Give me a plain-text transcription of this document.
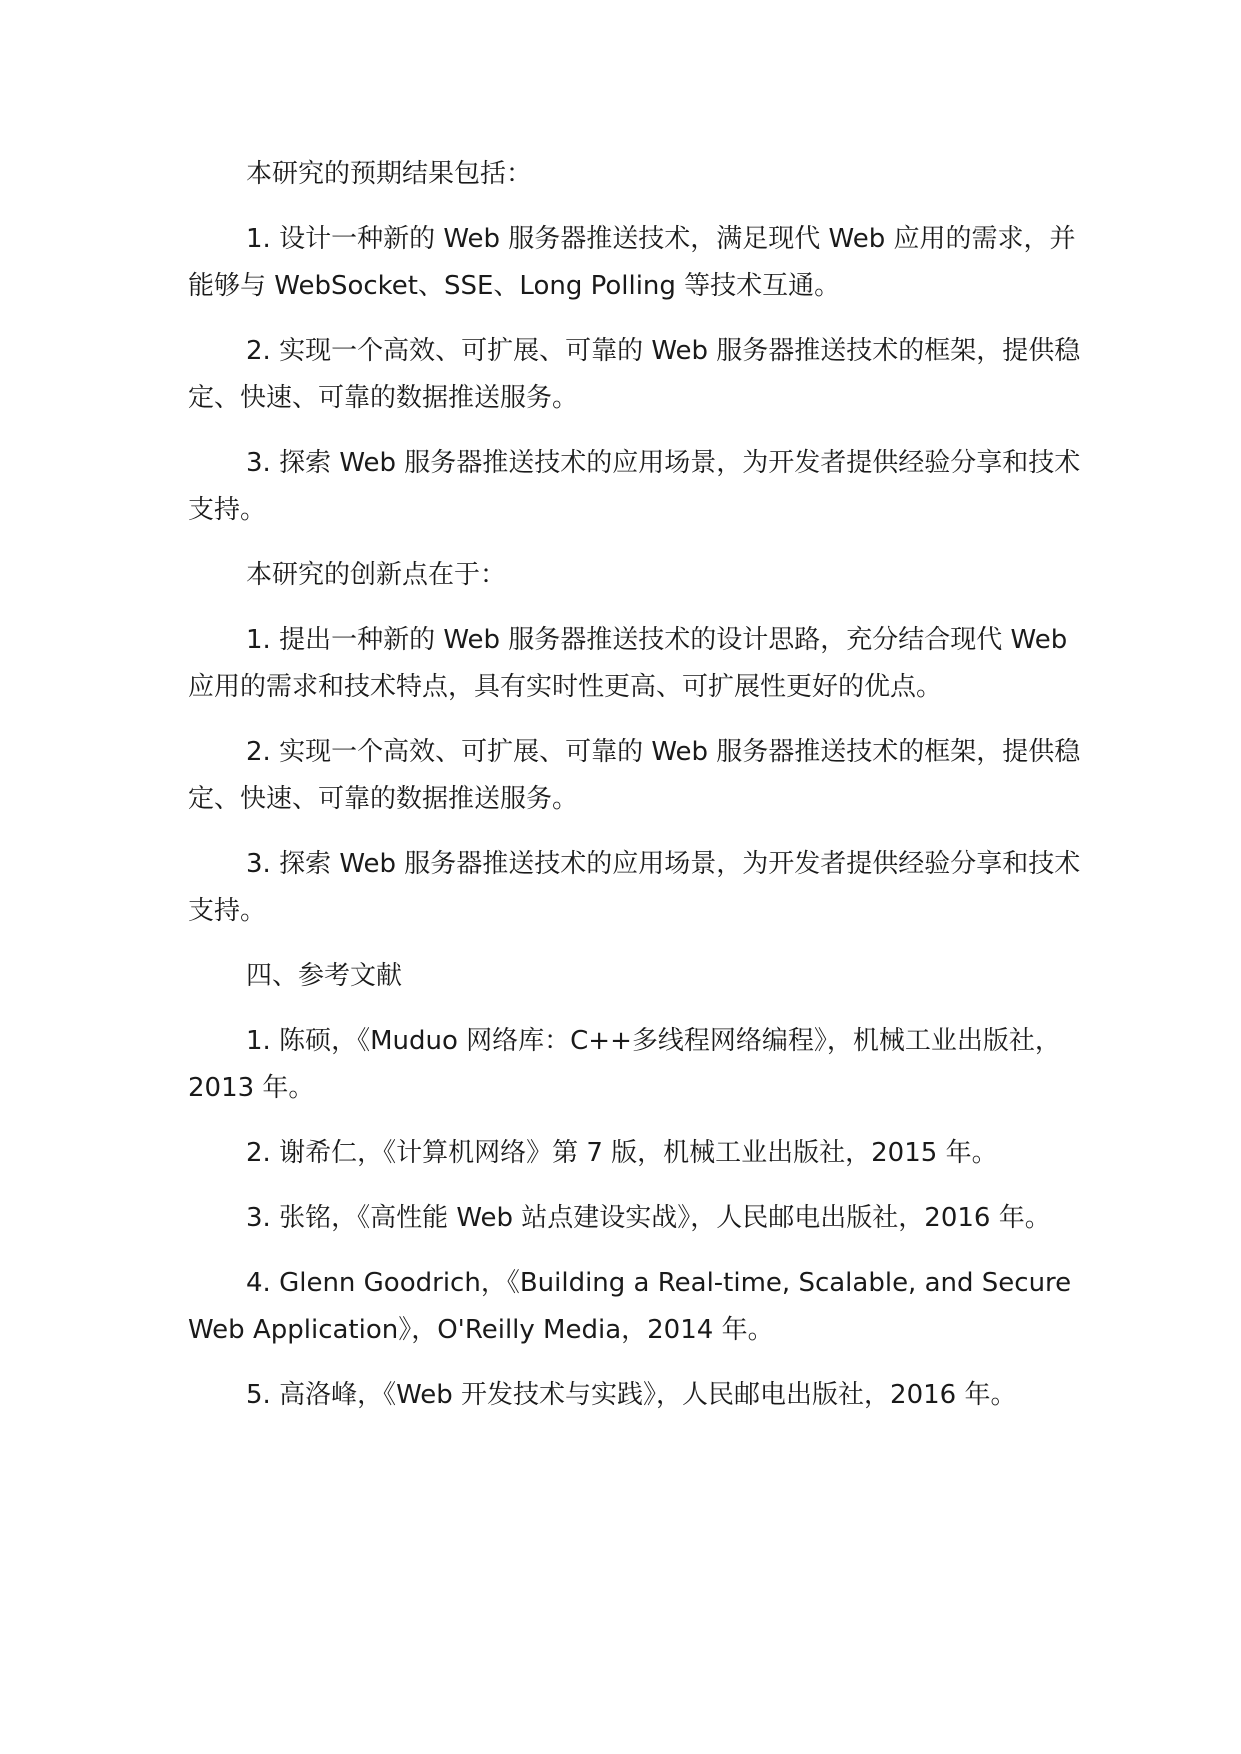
本研究的预期结果包括：

1. 设计一种新的 Web 服务器推送技术，满足现代 Web 应用的需求，并能够与 WebSocket、SSE、Long Polling 等技术互通。

2. 实现一个高效、可扩展、可靠的 Web 服务器推送技术的框架，提供稳定、快速、可靠的数据推送服务。

3. 探索 Web 服务器推送技术的应用场景，为开发者提供经验分享和技术支持。

本研究的创新点在于：

1. 提出一种新的 Web 服务器推送技术的设计思路，充分结合现代 Web 应用的需求和技术特点，具有实时性更高、可扩展性更好的优点。

2. 实现一个高效、可扩展、可靠的 Web 服务器推送技术的框架，提供稳定、快速、可靠的数据推送服务。

3. 探索 Web 服务器推送技术的应用场景，为开发者提供经验分享和技术支持。

四、参考文献

1. 陈硕，《Muduo 网络库：C++多线程网络编程》，机械工业出版社，2013 年。

2. 谢希仁，《计算机网络》第 7 版，机械工业出版社，2015 年。

3. 张铭，《高性能 Web 站点建设实战》，人民邮电出版社，2016 年。

4. Glenn Goodrich，《Building a Real-time, Scalable, and Secure Web Application》，O'Reilly Media，2014 年。

5. 高洛峰，《Web 开发技术与实践》，人民邮电出版社，2016 年。
